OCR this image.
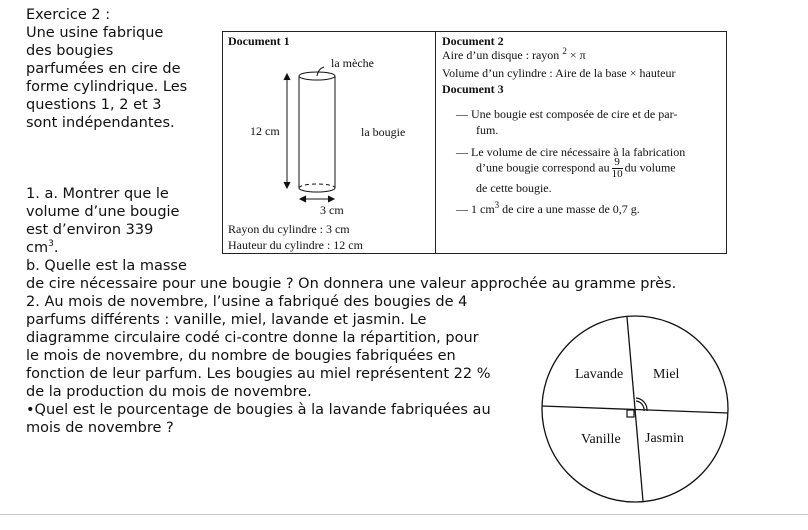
Exercice 2 :
Une usine fabrique
des bougies
parfumées en cire de
forme cylindrique. Les
questions 1, 2 et 3
sont indépendantes.
1. a. Montrer que le
volume d’une bougie
est d’environ 339
$cm^3$.
b. Quelle est la masse
de cire nécessaire pour une bougie ? On donnera une valeur approchée au gramme près.
2. Au mois de novembre, l’usine a fabriqué des bougies de 4
parfums différents : vanille, miel, lavande et jasmin. Le
diagramme circulaire codé ci-contre donne la répartition, pour
le mois de novembre, du nombre de bougies fabriquées en
fonction de leur parfum. Les bougies au miel représentent 22 %
de la production du mois de novembre.
•Quel est le pourcentage de bougies à la lavande fabriquées au
mois de novembre ?
Document 1
la mèche
12 cm	la bougie
3 cm
Rayon du cylindre : 3 cm
Hauteur du cylindre : 12 cm

Document 2
Aire d’un disque : rayon $^2$ × π
Volume d’un cylindre : Aire de la base × hauteur
Document 3
— Une bougie est composée de cire et de par-
fum.
— Le volume de cire nécessaire à la fabrication
d’une bougie correspond au $\frac{9}{10}$ du volume
de cette bougie.
— 1 $cm^3$ de cire a une masse de 0,7 g.
Lavande Miel
Vanille Jasmin
